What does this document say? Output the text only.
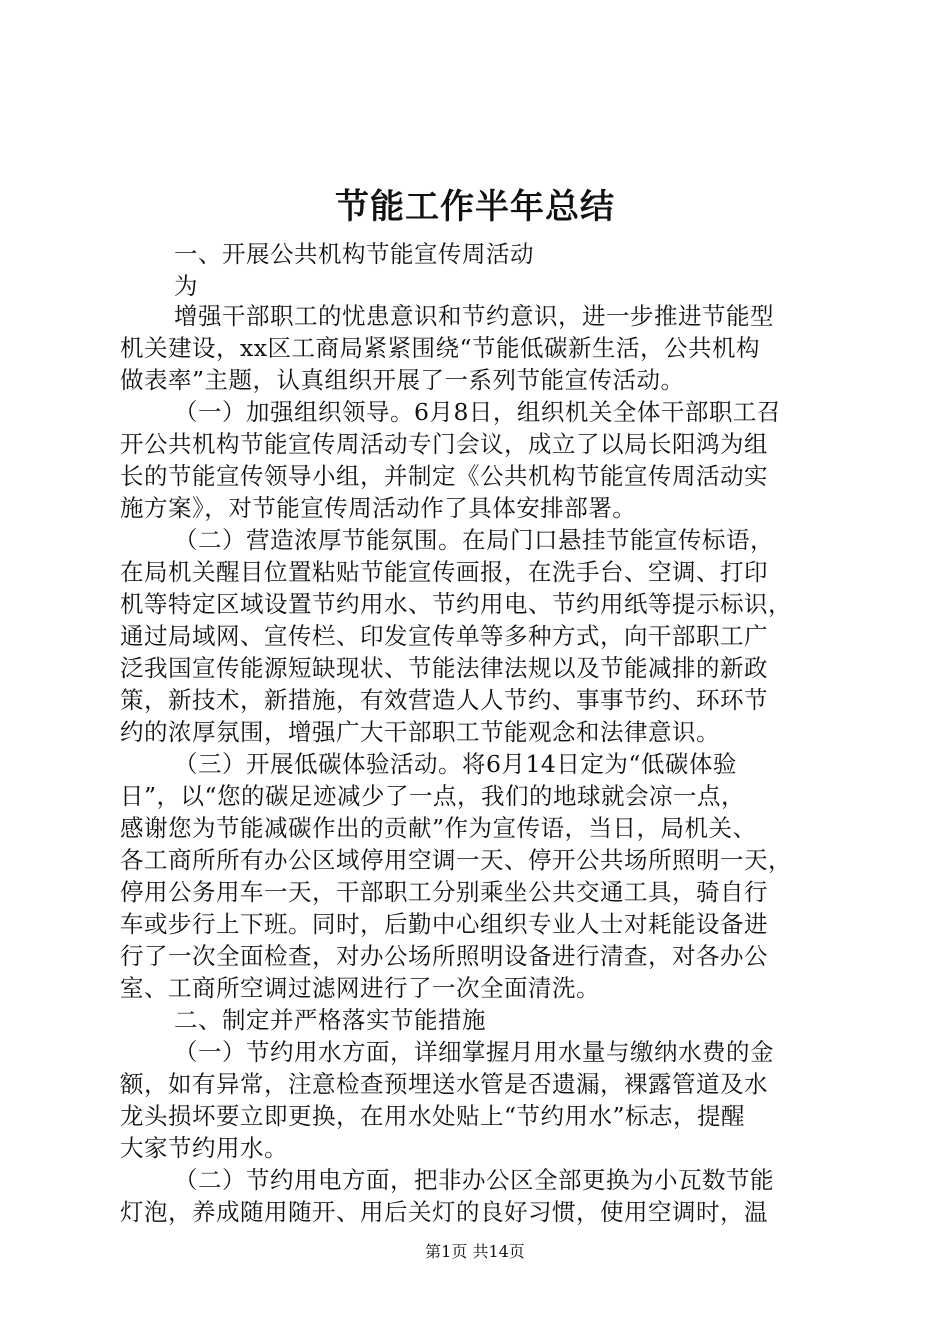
节能工作半年总结
一、开展公共机构节能宣传周活动
为
增强干部职工的忧患意识和节约意识，进一步推进节能型
机关建设，xx区工商局紧紧围绕“节能低碳新生活，公共机构
做表率”主题，认真组织开展了一系列节能宣传活动。
（一）加强组织领导。6月8日，组织机关全体干部职工召
开公共机构节能宣传周活动专门会议，成立了以局长阳鸿为组
长的节能宣传领导小组，并制定《公共机构节能宣传周活动实
施方案》，对节能宣传周活动作了具体安排部署。
（二）营造浓厚节能氛围。在局门口悬挂节能宣传标语，
在局机关醒目位置粘贴节能宣传画报，在洗手台、空调、打印
机等特定区域设置节约用水、节约用电、节约用纸等提示标识，
通过局域网、宣传栏、印发宣传单等多种方式，向干部职工广
泛我国宣传能源短缺现状、节能法律法规以及节能减排的新政
策，新技术，新措施，有效营造人人节约、事事节约、环环节
约的浓厚氛围，增强广大干部职工节能观念和法律意识。
（三）开展低碳体验活动。将6月14日定为“低碳体验
日”，以“您的碳足迹减少了一点，我们的地球就会凉一点，
感谢您为节能减碳作出的贡献”作为宣传语，当日，局机关、
各工商所所有办公区域停用空调一天、停开公共场所照明一天，
停用公务用车一天，干部职工分别乘坐公共交通工具，骑自行
车或步行上下班。同时，后勤中心组织专业人士对耗能设备进
行了一次全面检查，对办公场所照明设备进行清查，对各办公
室、工商所空调过滤网进行了一次全面清洗。
二、制定并严格落实节能措施
（一）节约用水方面，详细掌握月用水量与缴纳水费的金
额，如有异常，注意检查预埋送水管是否遗漏，裸露管道及水
龙头损坏要立即更换，在用水处贴上“节约用水”标志，提醒
大家节约用水。
（二）节约用电方面，把非办公区全部更换为小瓦数节能
灯泡，养成随用随开、用后关灯的良好习惯，使用空调时，温
第1页 共14页
